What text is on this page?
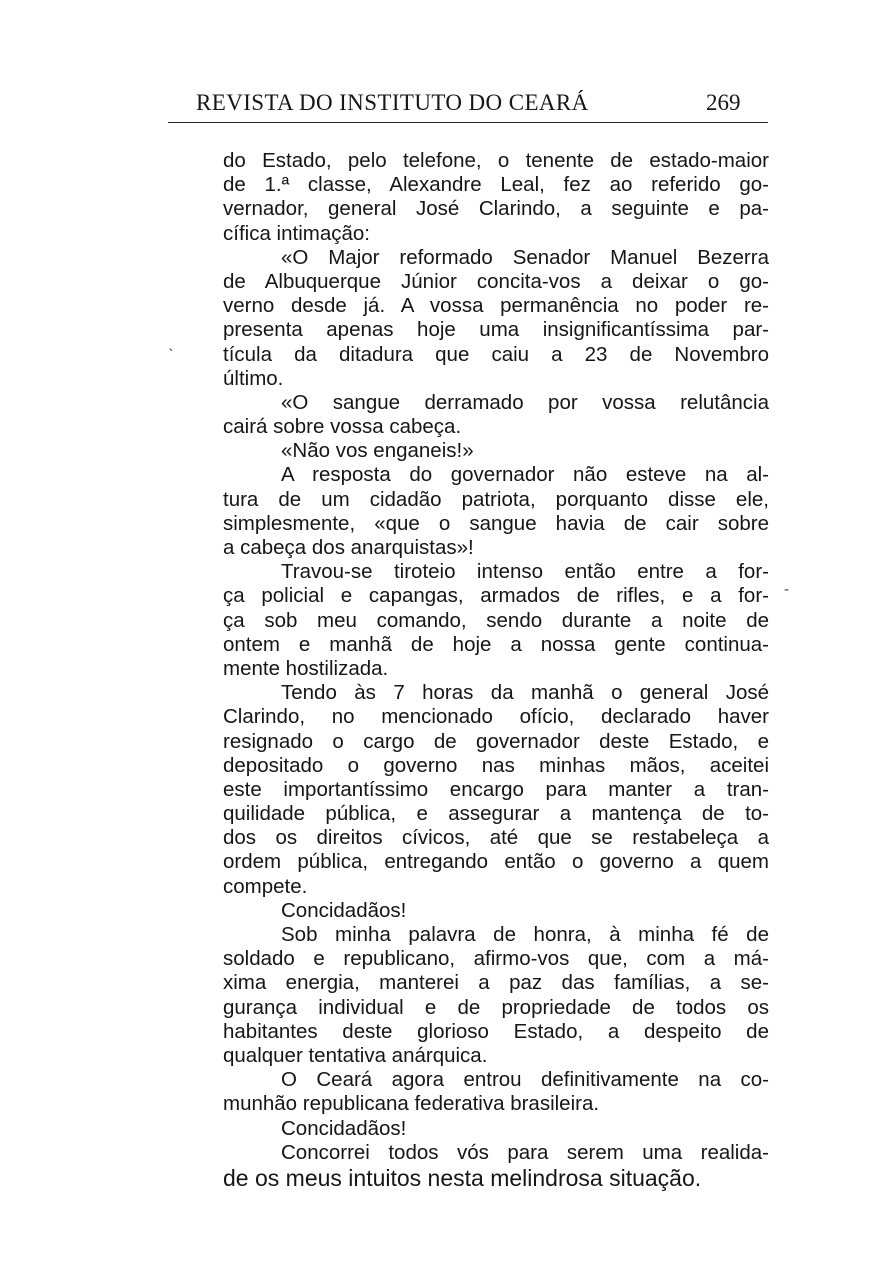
REVISTA DO INSTITUTO DO CEARÁ	269
do Estado, pelo telefone, o tenente de estado-maior
de 1.ª classe, Alexandre Leal, fez ao referido go-
vernador, general José Clarindo, a seguinte e pa-
cífica intimação:
«O Major reformado Senador Manuel Bezerra
de Albuquerque Júnior concita-vos a deixar o go-
verno desde já. A vossa permanência no poder re-
presenta apenas hoje uma insignificantíssima par-
tícula da ditadura que caiu a 23 de Novembro
último.
«O sangue derramado por vossa relutância
cairá sobre vossa cabeça.
«Não vos enganeis!»
A resposta do governador não esteve na al-
tura de um cidadão patriota, porquanto disse ele,
simplesmente, «que o sangue havia de cair sobre
a cabeça dos anarquistas»!
Travou-se tiroteio intenso então entre a for-
ça policial e capangas, armados de rifles, e a for-
ça sob meu comando, sendo durante a noite de
ontem e manhã de hoje a nossa gente continua-
mente hostilizada.
Tendo às 7 horas da manhã o general José
Clarindo, no mencionado ofício, declarado haver
resignado o cargo de governador deste Estado, e
depositado o governo nas minhas mãos, aceitei
este importantíssimo encargo para manter a tran-
quilidade pública, e assegurar a mantença de to-
dos os direitos cívicos, até que se restabeleça a
ordem pública, entregando então o governo a quem
compete.
Concidadãos!
Sob minha palavra de honra, à minha fé de
soldado e republicano, afirmo-vos que, com a má-
xima energia, manterei a paz das famílias, a se-
gurança individual e de propriedade de todos os
habitantes deste glorioso Estado, a despeito de
qualquer tentativa anárquica.
O Ceará agora entrou definitivamente na co-
munhão republicana federativa brasileira.
Concidadãos!
Concorrei todos vós para serem uma realida-
de os meus intuitos nesta melindrosa situação.
ˋ
-
